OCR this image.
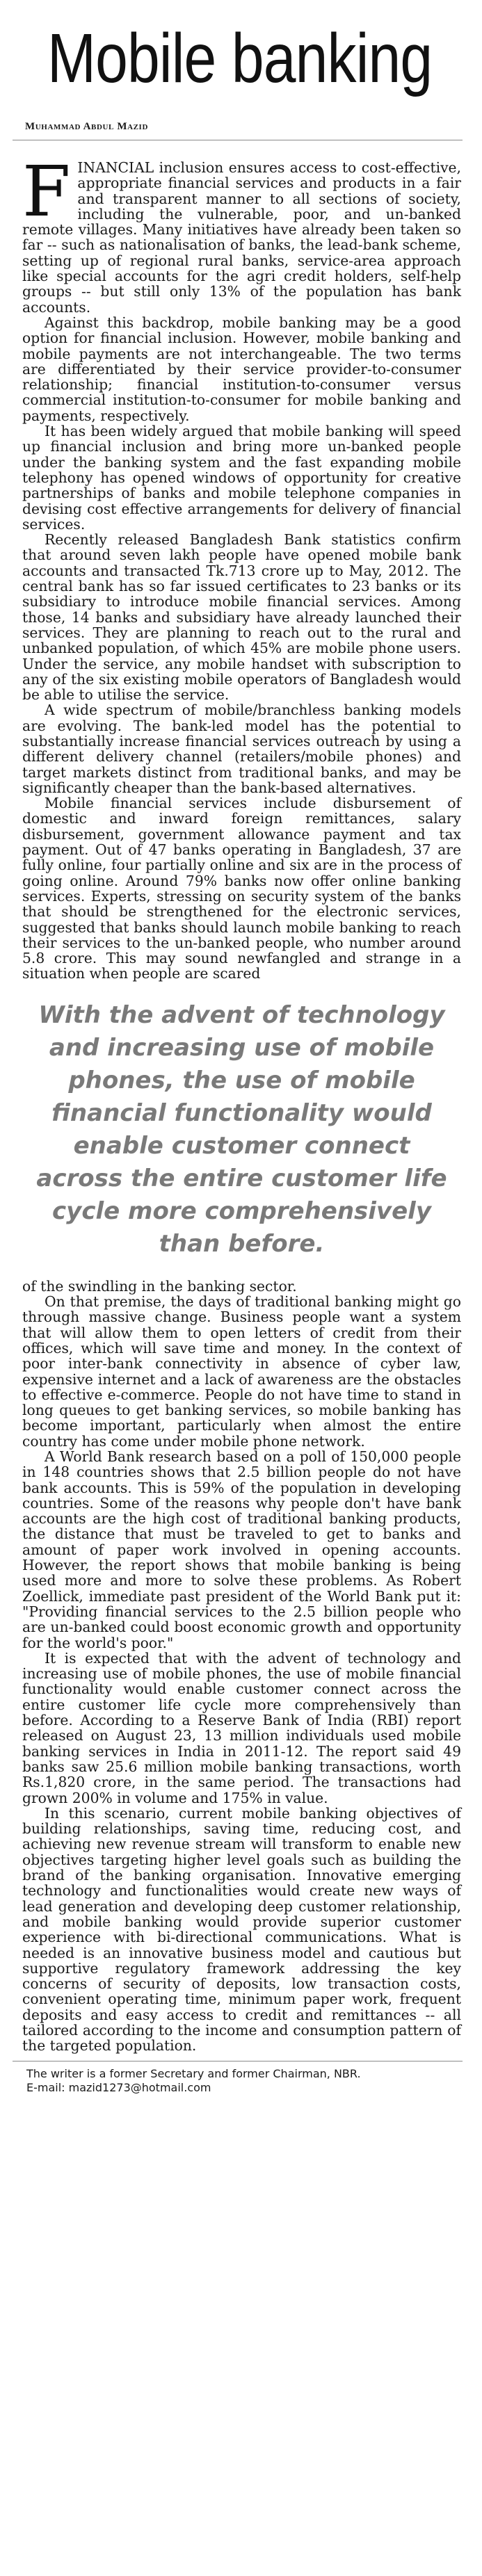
Mobile banking
Muhammad Abdul Mazid

FINANCIAL inclusion ensures access to cost-effective, appropriate financial services and products in a fair and transparent manner to all sections of society, including the vulnerable, poor, and un-banked remote villages. Many initiatives have already been taken so far -- such as nationalisation of banks, the lead-bank scheme, setting up of regional rural banks, service-area approach like special accounts for the agri credit holders, self-help groups -- but still only 13% of the population has bank accounts.

Against this backdrop, mobile banking may be a good option for financial inclusion. However, mobile banking and mobile payments are not interchangeable. The two terms are differentiated by their service provider-to-consumer relationship; financial institution-to-consumer versus commercial institution-to-consumer for mobile banking and payments, respectively.

It has been widely argued that mobile banking will speed up financial inclusion and bring more un-banked people under the banking system and the fast expanding mobile telephony has opened windows of opportunity for creative partnerships of banks and mobile telephone companies in devising cost effective arrangements for delivery of financial services.

Recently released Bangladesh Bank statistics confirm that around seven lakh people have opened mobile bank accounts and transacted Tk.713 crore up to May, 2012. The central bank has so far issued certificates to 23 banks or its subsidiary to introduce mobile financial services. Among those, 14 banks and subsidiary have already launched their services. They are planning to reach out to the rural and unbanked population, of which 45% are mobile phone users. Under the service, any mobile handset with subscription to any of the six existing mobile operators of Bangladesh would be able to utilise the service.

A wide spectrum of mobile/branchless banking models are evolving. The bank-led model has the potential to substantially increase financial services outreach by using a different delivery channel (retailers/mobile phones) and target markets distinct from traditional banks, and may be significantly cheaper than the bank-based alternatives.

Mobile financial services include disbursement of domestic and inward foreign remittances, salary disbursement, government allowance payment and tax payment. Out of 47 banks operating in Bangladesh, 37 are fully online, four partially online and six are in the process of going online. Around 79% banks now offer online banking services. Experts, stressing on security system of the banks that should be strengthened for the electronic services, suggested that banks should launch mobile banking to reach their services to the un-banked people, who number around 5.8 crore. This may sound newfangled and strange in a situation when people are scared

With the advent of technology and increasing use of mobile phones, the use of mobile financial functionality would enable customer connect across the entire customer life cycle more comprehensively than before.

of the swindling in the banking sector.

On that premise, the days of traditional banking might go through massive change. Business people want a system that will allow them to open letters of credit from their offices, which will save time and money. In the context of poor inter-bank connectivity in absence of cyber law, expensive internet and a lack of awareness are the obstacles to effective e-commerce. People do not have time to stand in long queues to get banking services, so mobile banking has become important, particularly when almost the entire country has come under mobile phone network.

A World Bank research based on a poll of 150,000 people in 148 countries shows that 2.5 billion people do not have bank accounts. This is 59% of the population in developing countries. Some of the reasons why people don't have bank accounts are the high cost of traditional banking products, the distance that must be traveled to get to banks and amount of paper work involved in opening accounts. However, the report shows that mobile banking is being used more and more to solve these problems. As Robert Zoellick, immediate past president of the World Bank put it: "Providing financial services to the 2.5 billion people who are un-banked could boost economic growth and opportunity for the world's poor."

It is expected that with the advent of technology and increasing use of mobile phones, the use of mobile financial functionality would enable customer connect across the entire customer life cycle more comprehensively than before. According to a Reserve Bank of India (RBI) report released on August 23, 13 million individuals used mobile banking services in India in 2011-12. The report said 49 banks saw 25.6 million mobile banking transactions, worth Rs.1,820 crore, in the same period. The transactions had grown 200% in volume and 175% in value.

In this scenario, current mobile banking objectives of building relationships, saving time, reducing cost, and achieving new revenue stream will transform to enable new objectives targeting higher level goals such as building the brand of the banking organisation. Innovative emerging technology and functionalities would create new ways of lead generation and developing deep customer relationship, and mobile banking would provide superior customer experience with bi-directional communications. What is needed is an innovative business model and cautious but supportive regulatory framework addressing the key concerns of security of deposits, low transaction costs, convenient operating time, minimum paper work, frequent deposits and easy access to credit and remittances -- all tailored according to the income and consumption pattern of the targeted population.

The writer is a former Secretary and former Chairman, NBR.
E-mail: mazid1273@hotmail.com
